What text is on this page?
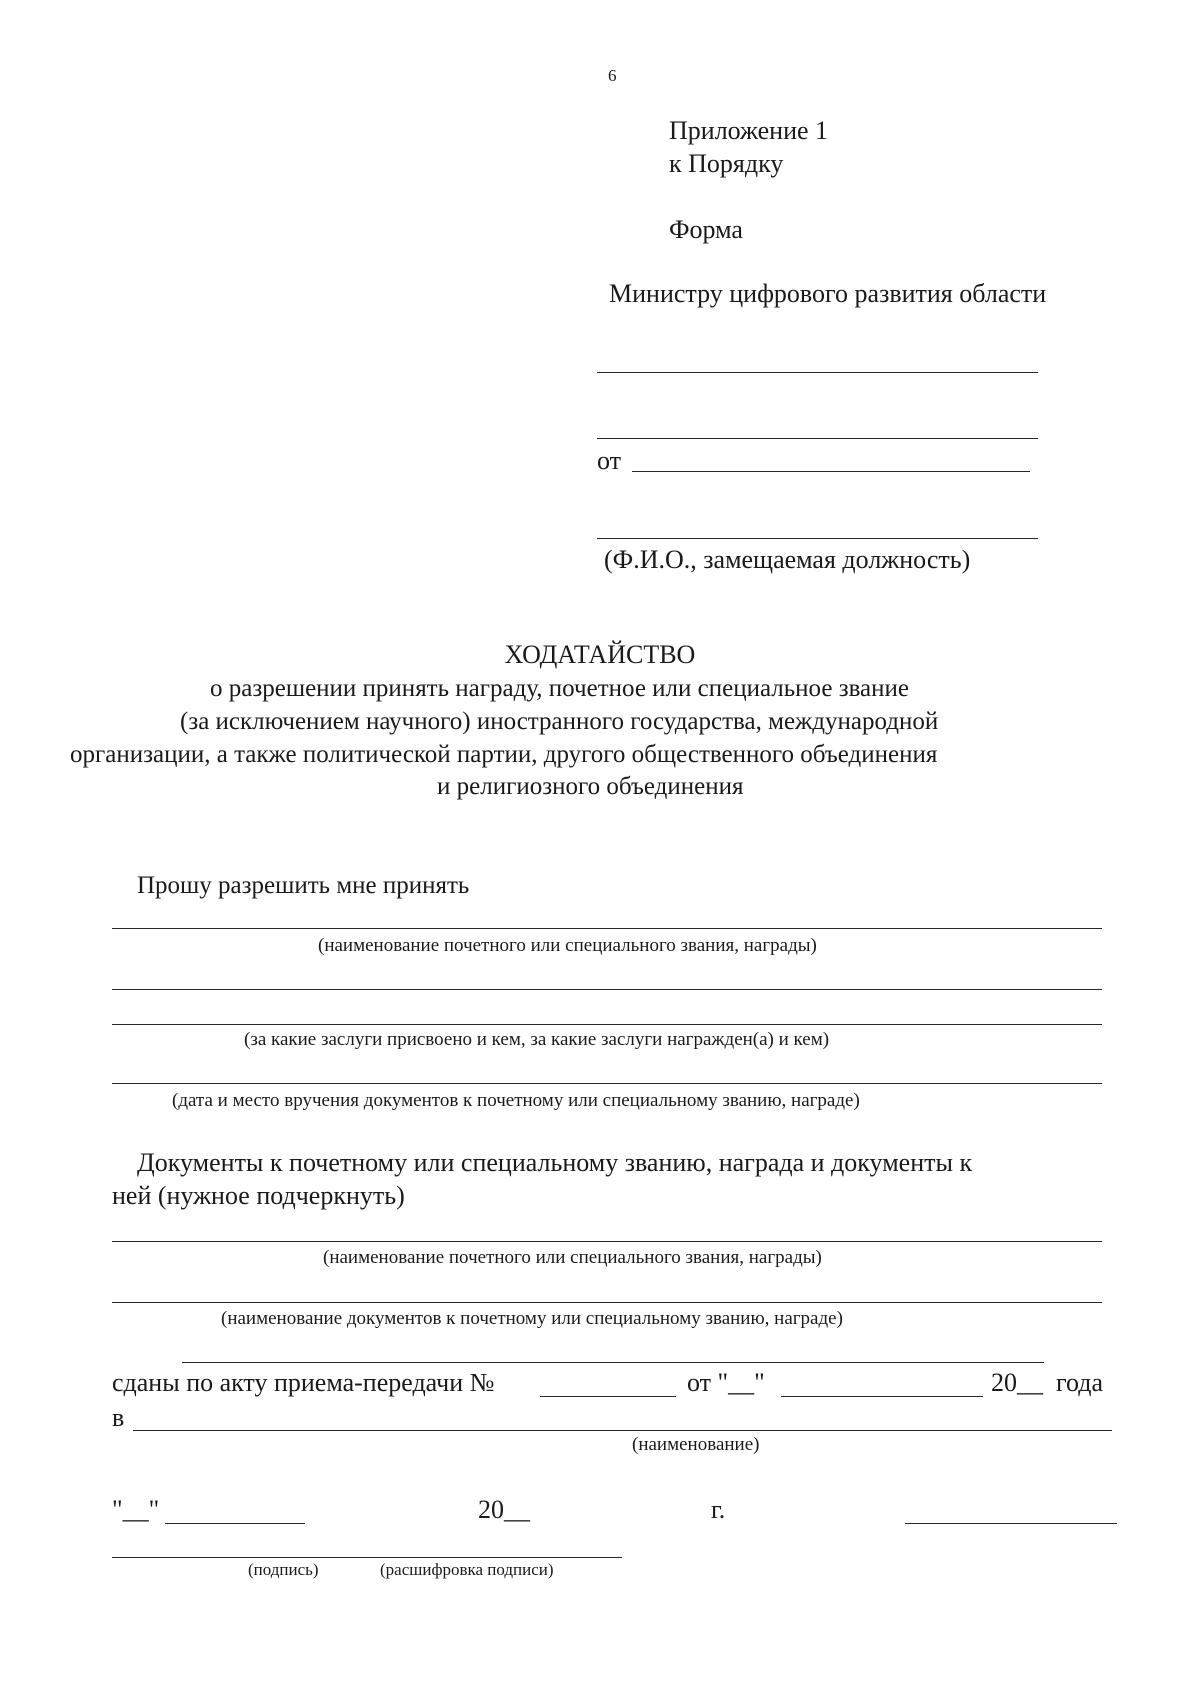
6
Приложение 1
к Порядку
Форма
Министру цифрового развития области
от
(Ф.И.О., замещаемая должность)
ХОДАТАЙСТВО
о разрешении принять награду, почетное или специальное звание
(за исключением научного) иностранного государства, международной
организации, а также политической партии, другого общественного объединения
и религиозного объединения
Прошу разрешить мне принять
(наименование почетного или специального звания, награды)
(за какие заслуги присвоено и кем, за какие заслуги награжден(а) и кем)
(дата и место вручения документов к почетному или специальному званию, награде)
Документы к почетному или специальному званию, награда и документы к
ней (нужное подчеркнуть)
(наименование почетного или специального звания, награды)
(наименование документов к почетному или специальному званию, награде)
сданы по акту приема-передачи №	от "__"	20__ года
в
(наименование)
"__"	20__	г.
(подпись)	(расшифровка подписи)
